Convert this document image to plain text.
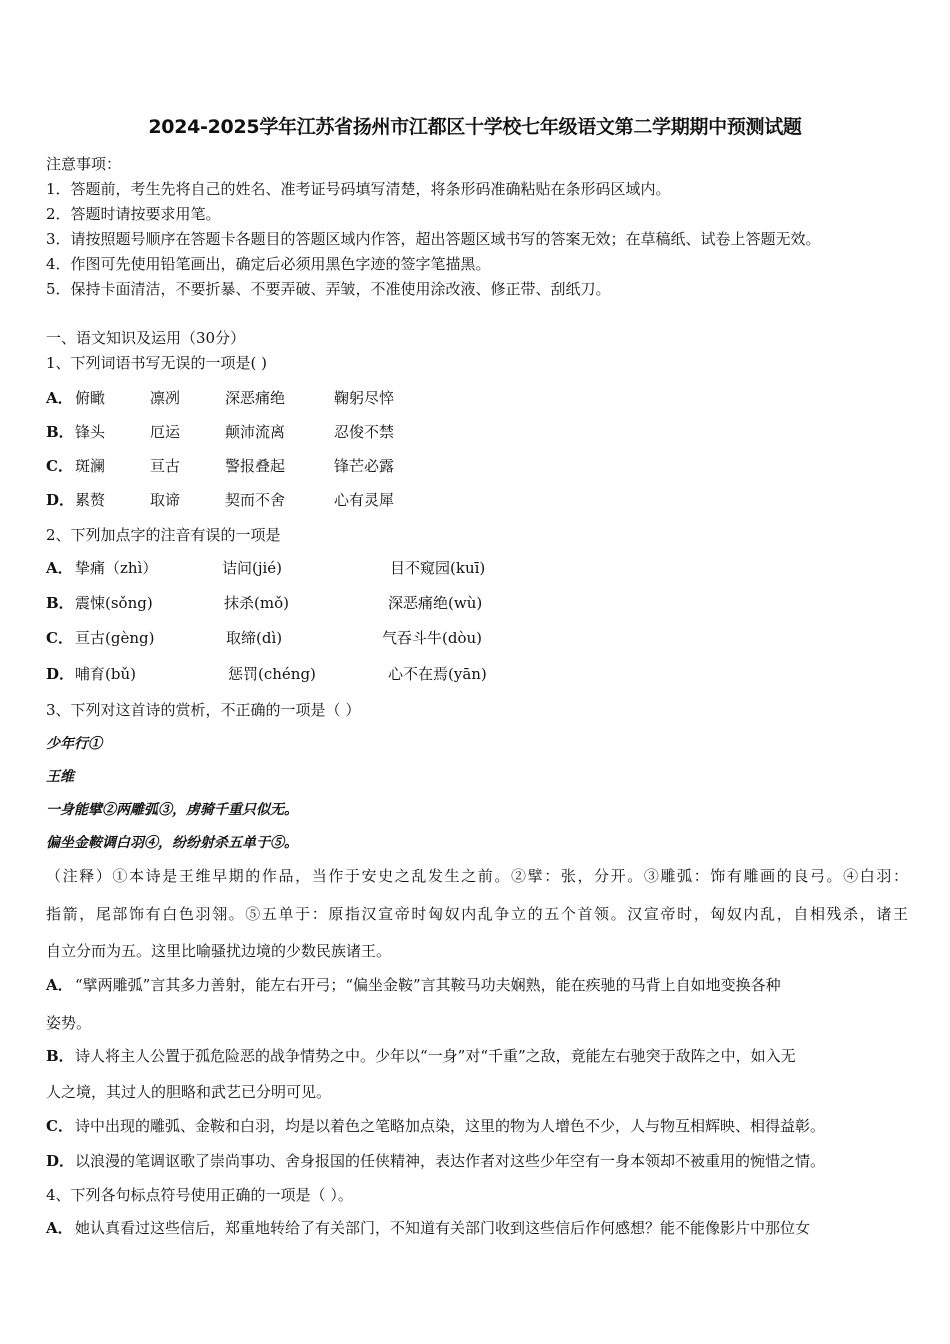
2024-2025学年江苏省扬州市江都区十学校七年级语文第二学期期中预测试题
注意事项：
1．答题前，考生先将自己的姓名、准考证号码填写清楚，将条形码准确粘贴在条形码区域内。
2．答题时请按要求用笔。
3．请按照题号顺序在答题卡各题目的答题区域内作答，超出答题区域书写的答案无效；在草稿纸、试卷上答题无效。
4．作图可先使用铅笔画出，确定后必须用黑色字迹的签字笔描黑。
5．保持卡面清洁，不要折暴、不要弄破、弄皱，不准使用涂改液、修正带、刮纸刀。
一、语文知识及运用（30分）
1、下列词语书写无误的一项是( )
A． 俯瞰	凛冽	深恶痛绝	鞠躬尽悴
B． 锋头	厄运	颠沛流离	忍俊不禁
C． 斑澜	亘古	警报叠起	锋芒必露
D． 累赘	取谛	契而不舍	心有灵犀
2、下列加点字的注音有误的一项是
A． 挚痛（zhì）	诘问(jié)	目不窥园(kuī)
B． 震悚(sǒng)	抹杀(mǒ)	深恶痛绝(wù)
C． 亘古(gèng)	取缔(dì)	气吞斗牛(dòu)
D． 哺育(bǔ)	惩罚(chéng)	心不在焉(yān)
3、下列对这首诗的赏析，不正确的一项是（ ）
少年行①
王维
一身能擘②两雕弧③，虏骑千重只似无。
偏坐金鞍调白羽④，纷纷射杀五单于⑤。
（注释）①本诗是王维早期的作品，当作于安史之乱发生之前。②擘：张，分开。③雕弧：饰有雕画的良弓。④白羽：
指箭，尾部饰有白色羽翎。⑤五单于：原指汉宣帝时匈奴内乱争立的五个首领。汉宣帝时，匈奴内乱，自相残杀，诸王
自立分而为五。这里比喻骚扰边境的少数民族诸王。
A． “擘两雕弧”言其多力善射，能左右开弓；“偏坐金鞍”言其鞍马功夫娴熟，能在疾驰的马背上自如地变换各种
姿势。
B． 诗人将主人公置于孤危险恶的战争情势之中。少年以“一身”对“千重”之敌，竟能左右驰突于敌阵之中，如入无
人之境，其过人的胆略和武艺已分明可见。
C． 诗中出现的雕弧、金鞍和白羽，均是以着色之笔略加点染，这里的物为人增色不少，人与物互相辉映、相得益彰。
D． 以浪漫的笔调讴歌了崇尚事功、舍身报国的任侠精神，表达作者对这些少年空有一身本领却不被重用的惋惜之情。
4、下列各句标点符号使用正确的一项是（ ）。
A． 她认真看过这些信后，郑重地转给了有关部门，不知道有关部门收到这些信后作何感想？能不能像影片中那位女
